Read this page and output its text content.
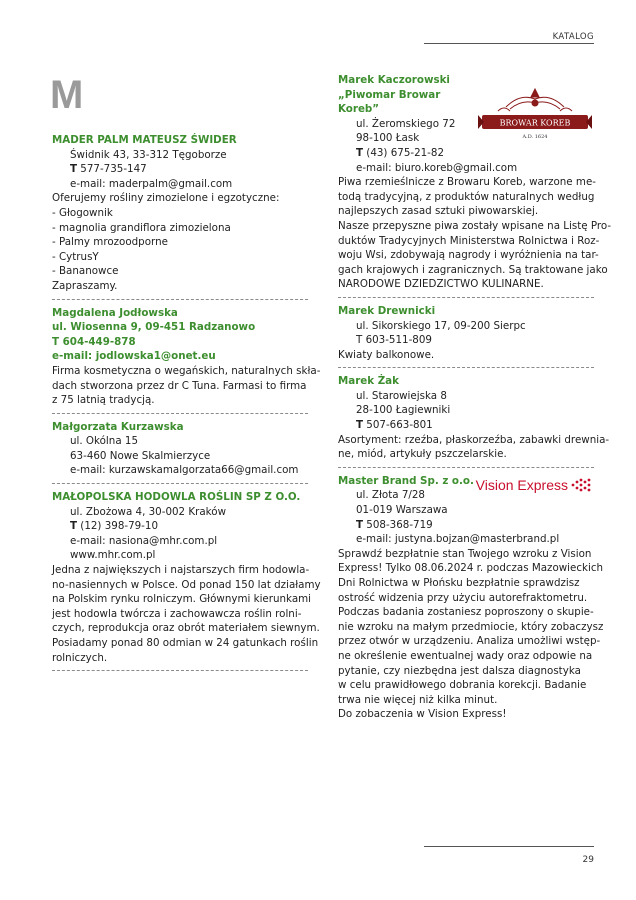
KATALOG
29
M
MADER PALM MATEUSZ ŚWIDER
Świdnik 43, 33-312 Tęgoborze
T 577-735-147
e-mail: maderpalm@gmail.com
Oferujemy rośliny zimozielone i egzotyczne:
- Głogownik
- magnolia grandiflora zimozielona
- Palmy mrozoodporne
- CytrusY
- Bananowce
Zapraszamy.
Magdalena Jodłowska
ul. Wiosenna 9, 09-451 Radzanowo
T 604-449-878
e-mail: jodlowska1@onet.eu
Firma kosmetyczna o wegańskich, naturalnych skła-
dach stworzona przez dr C Tuna. Farmasi to firma
z 75 latnią tradycją.
Małgorzata Kurzawska
ul. Okólna 15
63-460 Nowe Skalmierzyce
e-mail: kurzawskamalgorzata66@gmail.com
MAŁOPOLSKA HODOWLA ROŚLIN SP Z O.O.
ul. Zbożowa 4, 30-002 Kraków
T (12) 398-79-10
e-mail: nasiona@mhr.com.pl
www.mhr.com.pl
Jedna z największych i najstarszych firm hodowla-
no-nasiennych w Polsce. Od ponad 150 lat działamy
na Polskim rynku rolniczym. Głównymi kierunkami
jest hodowla twórcza i zachowawcza roślin rolni-
czych, reprodukcja oraz obrót materiałem siewnym.
Posiadamy ponad 80 odmian w 24 gatunkach roślin
rolniczych.
BROWAR KOREB
A.D. 1624
Marek Kaczorowski
„Piwomar Browar
Koreb”
ul. Żeromskiego 72
98-100 Łask
T (43) 675-21-82
e-mail: biuro.koreb@gmail.com
Piwa rzemieślnicze z Browaru Koreb, warzone me-
todą tradycyjną, z produktów naturalnych według
najlepszych zasad sztuki piwowarskiej.
Nasze przepyszne piwa zostały wpisane na Listę Pro-
duktów Tradycyjnych Ministerstwa Rolnictwa i Roz-
woju Wsi, zdobywają nagrody i wyróżnienia na tar-
gach krajowych i zagranicznych. Są traktowane jako
NARODOWE DZIEDZICTWO KULINARNE.
Marek Drewnicki
ul. Sikorskiego 17, 09-200 Sierpc
T 603-511-809
Kwiaty balkonowe.
Marek Żak
ul. Starowiejska 8
28-100 Łagiewniki
T 507-663-801
Asortyment: rzeźba, płaskorzeźba, zabawki drewnia-
ne, miód, artykuły pszczelarskie.
Vision Express
Master Brand Sp. z o.o.
ul. Złota 7/28
01-019 Warszawa
T 508-368-719
e-mail: justyna.bojzan@masterbrand.pl
Sprawdź bezpłatnie stan Twojego wzroku z Vision
Express! Tylko 08.06.2024 r. podczas Mazowieckich
Dni Rolnictwa w Płońsku bezpłatnie sprawdzisz
ostrość widzenia przy użyciu autorefraktometru.
Podczas badania zostaniesz poproszony o skupie-
nie wzroku na małym przedmiocie, który zobaczysz
przez otwór w urządzeniu. Analiza umożliwi wstęp-
ne określenie ewentualnej wady oraz odpowie na
pytanie, czy niezbędna jest dalsza diagnostyka
w celu prawidłowego dobrania korekcji. Badanie
trwa nie więcej niż kilka minut.
Do zobaczenia w Vision Express!
